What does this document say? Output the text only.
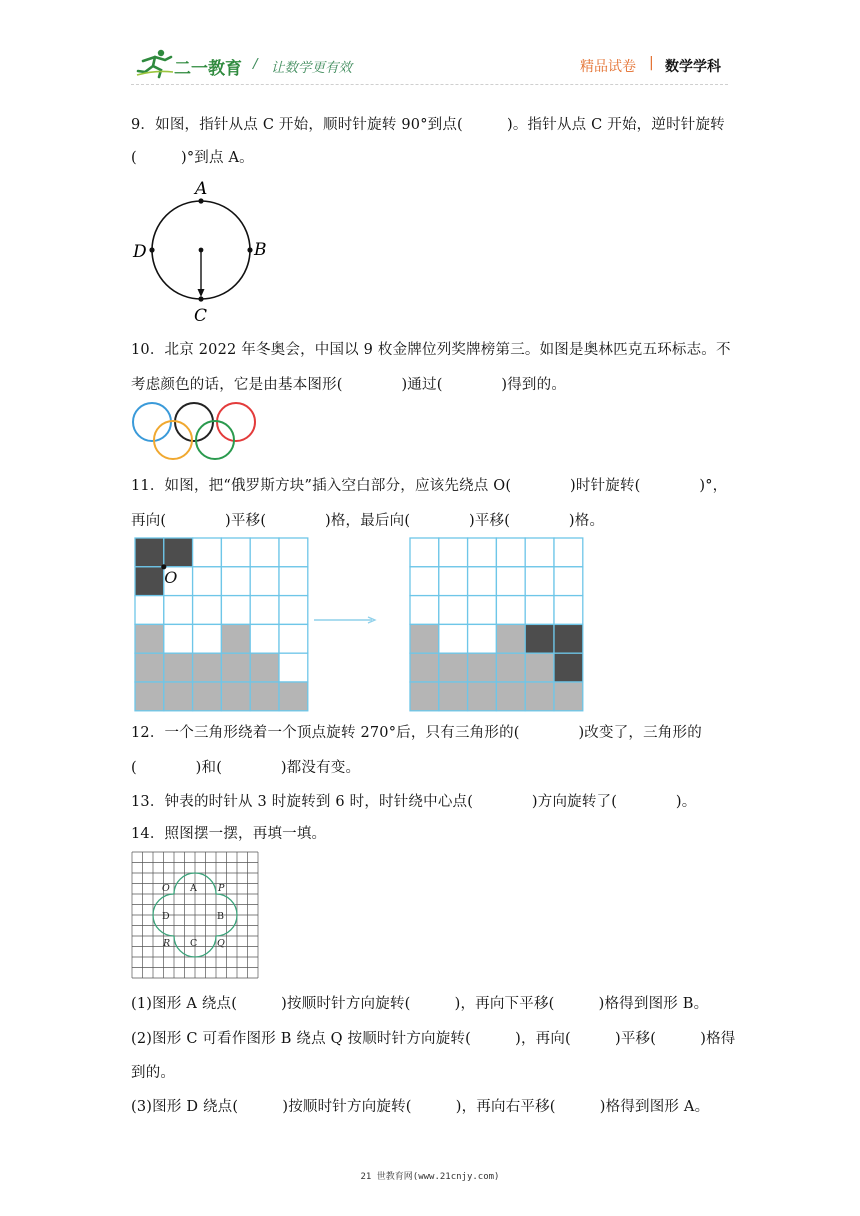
二一教育 / 让数学更有效	精品试卷 | 数学学科
9．如图，指针从点 C 开始，顺时针旋转 90°到点(　　　)。指针从点 C 开始，逆时针旋转
(　　　)°到点 A。
A
B
C
D
10．北京 2022 年冬奥会，中国以 9 枚金牌位列奖牌榜第三。如图是奥林匹克五环标志。不
考虑颜色的话，它是由基本图形(　　　　)通过(　　　　)得到的。
11．如图，把“俄罗斯方块”插入空白部分，应该先绕点 O(　　　　)时针旋转(　　　　)°，
再向(　　　　)平移(　　　　)格，最后向(　　　　)平移(　　　　)格。
O
12．一个三角形绕着一个顶点旋转 270°后，只有三角形的(　　　　)改变了，三角形的
(　　　　)和(　　　　)都没有变。
13．钟表的时针从 3 时旋转到 6 时，时针绕中心点(　　　　)方向旋转了(　　　　)。
14．照图摆一摆，再填一填。
O A P
D	B
R C Q
(1)图形 A 绕点(　　　)按顺时针方向旋转(　　　)，再向下平移(　　　)格得到图形 B。
(2)图形 C 可看作图形 B 绕点 Q 按顺时针方向旋转(　　　)，再向(　　　)平移(　　　)格得
到的。
(3)图形 D 绕点(　　　)按顺时针方向旋转(　　　)，再向右平移(　　　)格得到图形 A。
21 世教育网(www.21cnjy.com)
